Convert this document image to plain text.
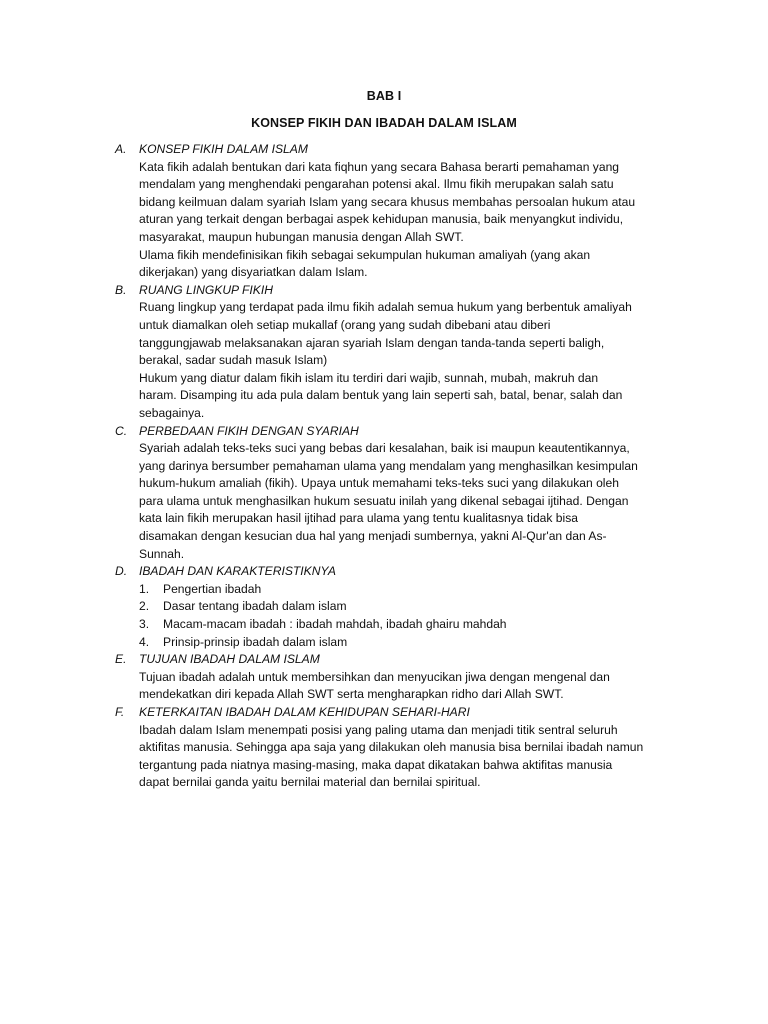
BAB I
KONSEP FIKIH DAN IBADAH DALAM ISLAM
A.	KONSEP FIKIH DALAM ISLAM

Kata fikih adalah bentukan dari kata fiqhun yang secara Bahasa berarti pemahaman yang

mendalam yang menghendaki pengarahan potensi akal. Ilmu fikih merupakan salah satu

bidang keilmuan dalam syariah Islam yang secara khusus membahas persoalan hukum atau

aturan yang terkait dengan berbagai aspek kehidupan manusia, baik menyangkut individu,

masyarakat, maupun hubungan manusia dengan Allah SWT.

Ulama fikih mendefinisikan fikih sebagai sekumpulan hukuman amaliyah (yang akan

dikerjakan) yang disyariatkan dalam Islam.

B.	RUANG LINGKUP FIKIH

Ruang lingkup yang terdapat pada ilmu fikih adalah semua hukum yang berbentuk amaliyah

untuk diamalkan oleh setiap mukallaf (orang yang sudah dibebani atau diberi

tanggungjawab melaksanakan ajaran syariah Islam dengan tanda-tanda seperti baligh,

berakal, sadar sudah masuk Islam)

Hukum yang diatur dalam fikih islam itu terdiri dari wajib, sunnah, mubah, makruh dan

haram. Disamping itu ada pula dalam bentuk yang lain seperti sah, batal, benar, salah dan

sebagainya.

C. PERBEDAAN FIKIH DENGAN SYARIAH

Syariah adalah teks-teks suci yang bebas dari kesalahan, baik isi maupun keautentikannya,

yang darinya bersumber pemahaman ulama yang mendalam yang menghasilkan kesimpulan

hukum-hukum amaliah (fikih). Upaya untuk memahami teks-teks suci yang dilakukan oleh

para ulama untuk menghasilkan hukum sesuatu inilah yang dikenal sebagai ijtihad. Dengan

kata lain fikih merupakan hasil ijtihad para ulama yang tentu kualitasnya tidak bisa

disamakan dengan kesucian dua hal yang menjadi sumbernya, yakni Al-Qur'an dan As-

Sunnah.

D. IBADAH DAN KARAKTERISTIKNYA
1.	Pengertian ibadah
2.	Dasar tentang ibadah dalam islam
3.	Macam-macam ibadah : ibadah mahdah, ibadah ghairu mahdah
4.	Prinsip-prinsip ibadah dalam islam
E.	TUJUAN IBADAH DALAM ISLAM

Tujuan ibadah adalah untuk membersihkan dan menyucikan jiwa dengan mengenal dan

mendekatkan diri kepada Allah SWT serta mengharapkan ridho dari Allah SWT.

F.	KETERKAITAN IBADAH DALAM KEHIDUPAN SEHARI-HARI

Ibadah dalam Islam menempati posisi yang paling utama dan menjadi titik sentral seluruh

aktifitas manusia. Sehingga apa saja yang dilakukan oleh manusia bisa bernilai ibadah namun

tergantung pada niatnya masing-masing, maka dapat dikatakan bahwa aktifitas manusia

dapat bernilai ganda yaitu bernilai material dan bernilai spiritual.
